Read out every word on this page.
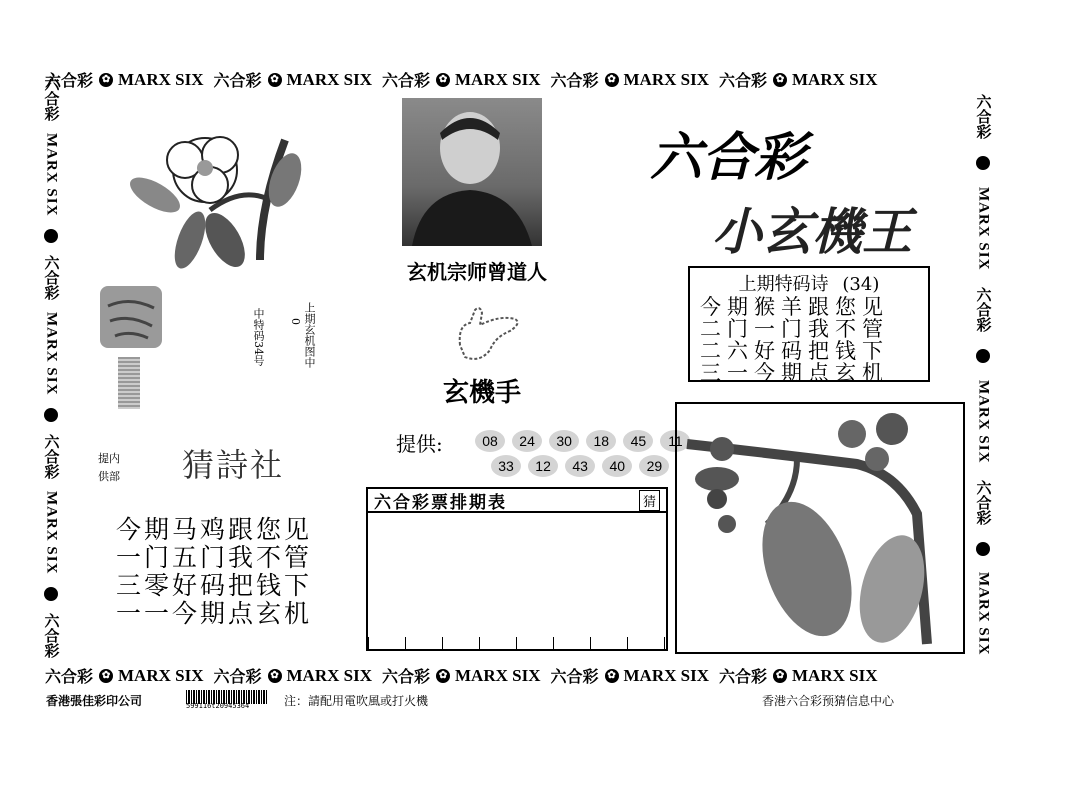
六合彩 ✿ MARX SIX 六合彩 ✿ MARX SIX 六合彩 ✿ MARX SIX 六合彩 ✿ MARX SIX 六合彩 ✿ MARX SIX
六合彩 ✿ MARX SIX 六合彩 ✿ MARX SIX 六合彩 ✿ MARX SIX 六合彩 ✿ MARX SIX 六合彩 ✿ MARX SIX
六合彩
MARX SIX
六合彩
MARX SIX
六合彩
MARX SIX
六合彩
六合彩
MARX SIX
六合彩
MARX SIX
六合彩
MARX SIX
玄机宗师曾道人
六合彩
小玄機王
上期特码诗 (34)
今期猴羊跟您见
二门一门我不管
二六好码把钱下
三一今期点玄机
上期玄机图中
0
中特码34号
玄機手
提内
供部 猜詩社
提供:	08 24 30 18 45 11
33 12 43 40 29
今期马鸡跟您见
一门五门我不管
三零好码把钱下
一一今期点玄机
六合彩票排期表	猜
香港張佳彩印公司	599116t20945364	注：請配用電吹風或打火機	香港六合彩预猜信息中心
